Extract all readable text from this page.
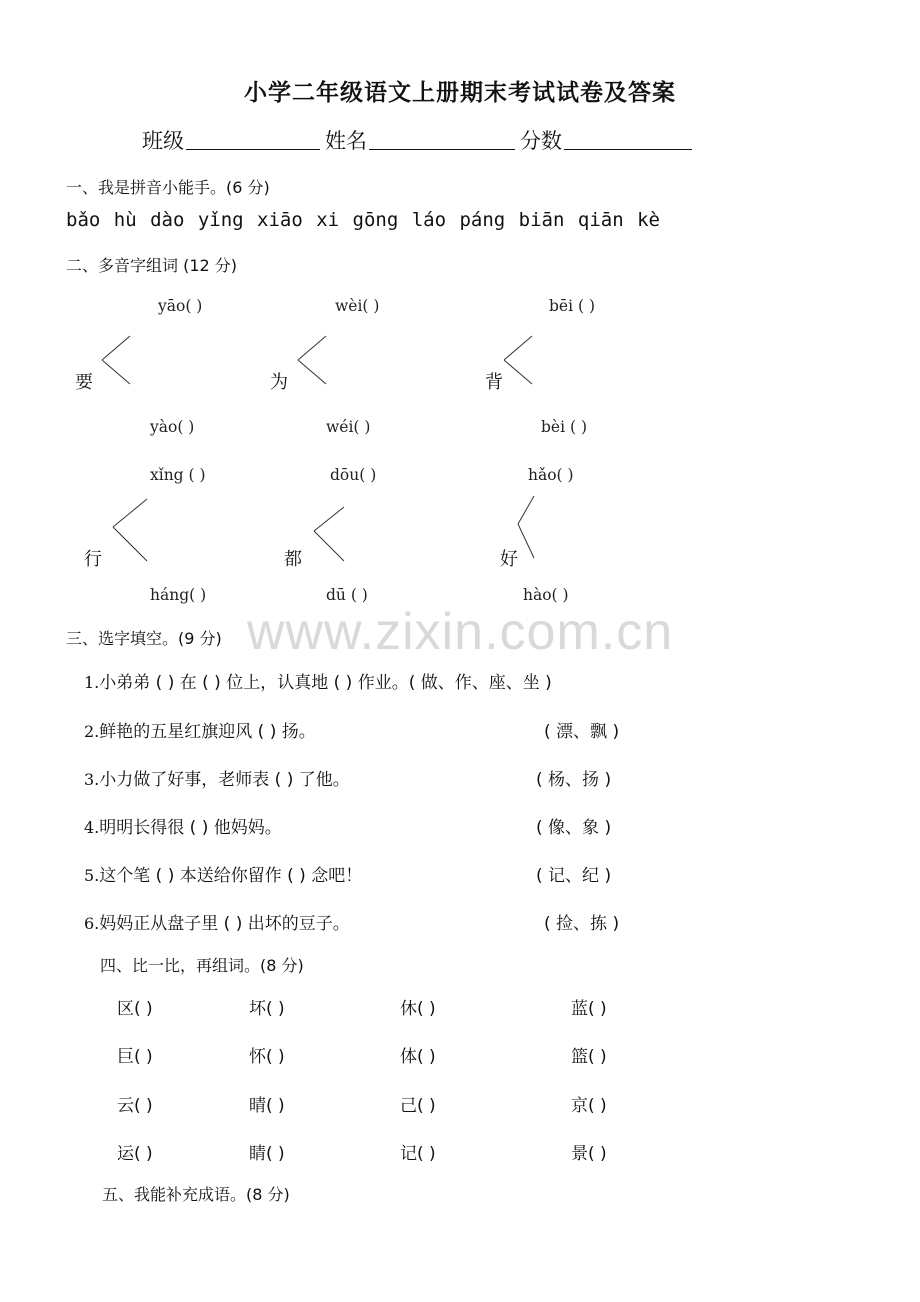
小学二年级语文上册期末考试试卷及答案
班级	姓名	分数
一、我是拼音小能手。(6 分)
bǎo hù dào yǐng xiāo xi gōng láo páng biān qiān kè
二、多音字组词 (12 分)
yāo( )	wèi( )	bēi ( )
要	为	背
yào( )	wéi( )	bèi ( )
xǐng ( )	dōu( )	hǎo( )
行	都	好
háng( )	dū ( )	hào( )
www.zixin.com.cn
三、选字填空。(9 分)
1.小弟弟 ( ) 在 ( ) 位上，认真地 ( ) 作业。( 做、作、座、坐 )
2.鲜艳的五星红旗迎风 ( ) 扬。	( 漂、飘 )
3.小力做了好事，老师表 ( ) 了他。	( 杨、扬 )
4.明明长得很 ( ) 他妈妈。	( 像、象 )
5.这个笔 ( ) 本送给你留作 ( ) 念吧！	( 记、纪 )
6.妈妈正从盘子里 ( ) 出坏的豆子。	( 捡、拣 )
四、比一比，再组词。(8 分)
区( )	坏( )	休( )	蓝( )
巨( )	怀( )	体( )	篮( )
云( )	晴( )	己( )	京( )
运( )	睛( )	记( )	景( )
五、我能补充成语。(8 分)
